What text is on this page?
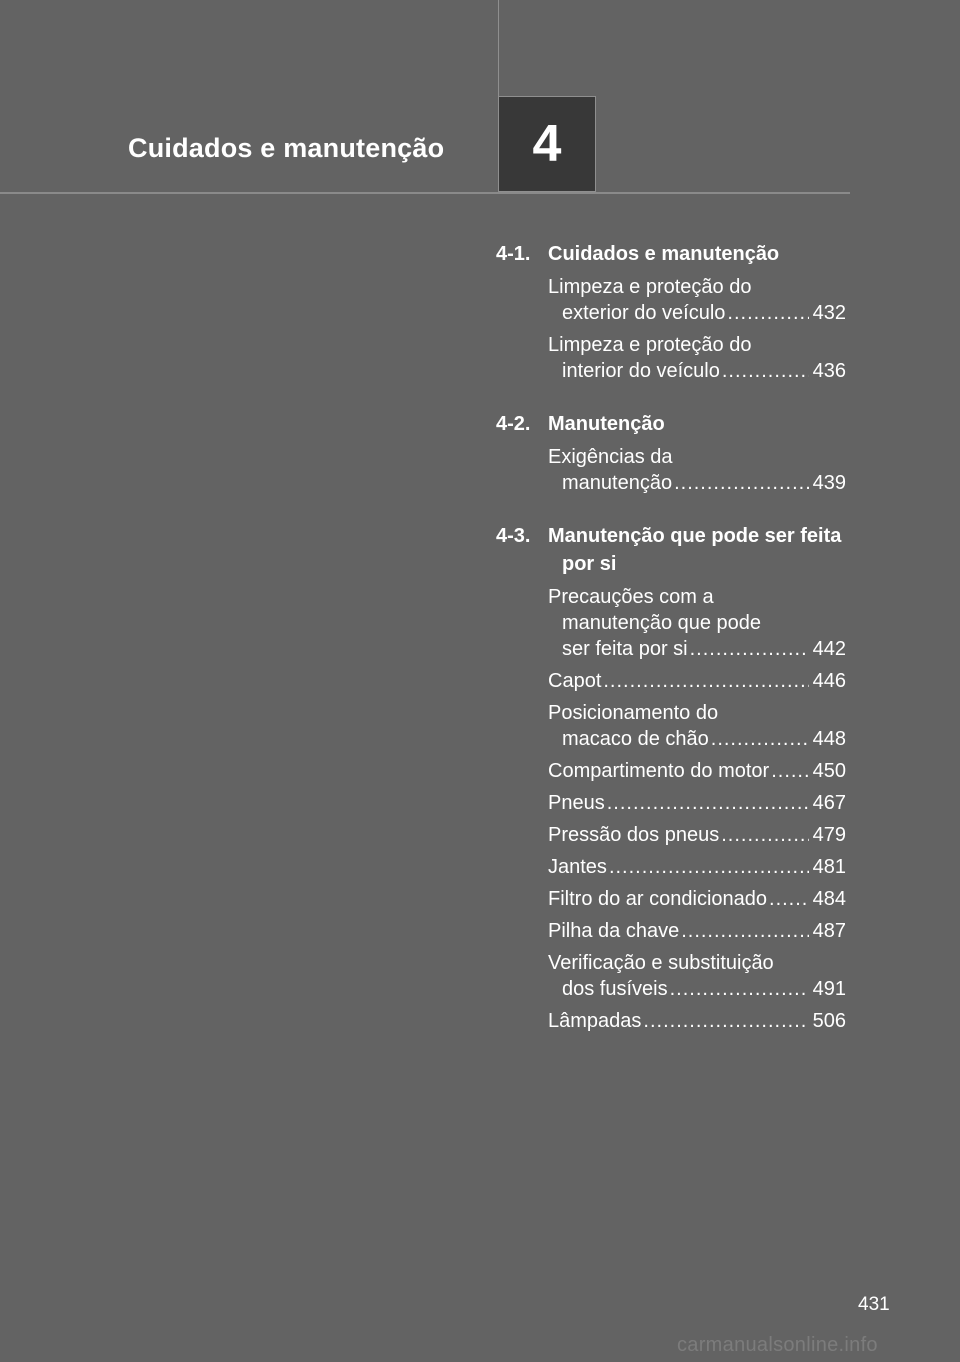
Cuidados e manutenção 4
4-1. Cuidados e manutenção
Limpeza e proteção do
exterior do veículo .....	432
Limpeza e proteção do
interior do veículo .....	436
4-2. Manutenção
Exigências da
manutenção .....	439
4-3. Manutenção que pode ser feita por si
Precauções com a
manutenção que pode
ser feita por si .....	442
Capot .....	446
Posicionamento do
macaco de chão .....	448
Compartimento do motor ..... 450
Pneus .....	467
Pressão dos pneus .....	479
Jantes .....	481
Filtro do ar condicionado ..... 484
Pilha da chave .....	487
Verificação e substituição
dos fusíveis .....	491
Lâmpadas .....	506
431
carmanualsonline.info
